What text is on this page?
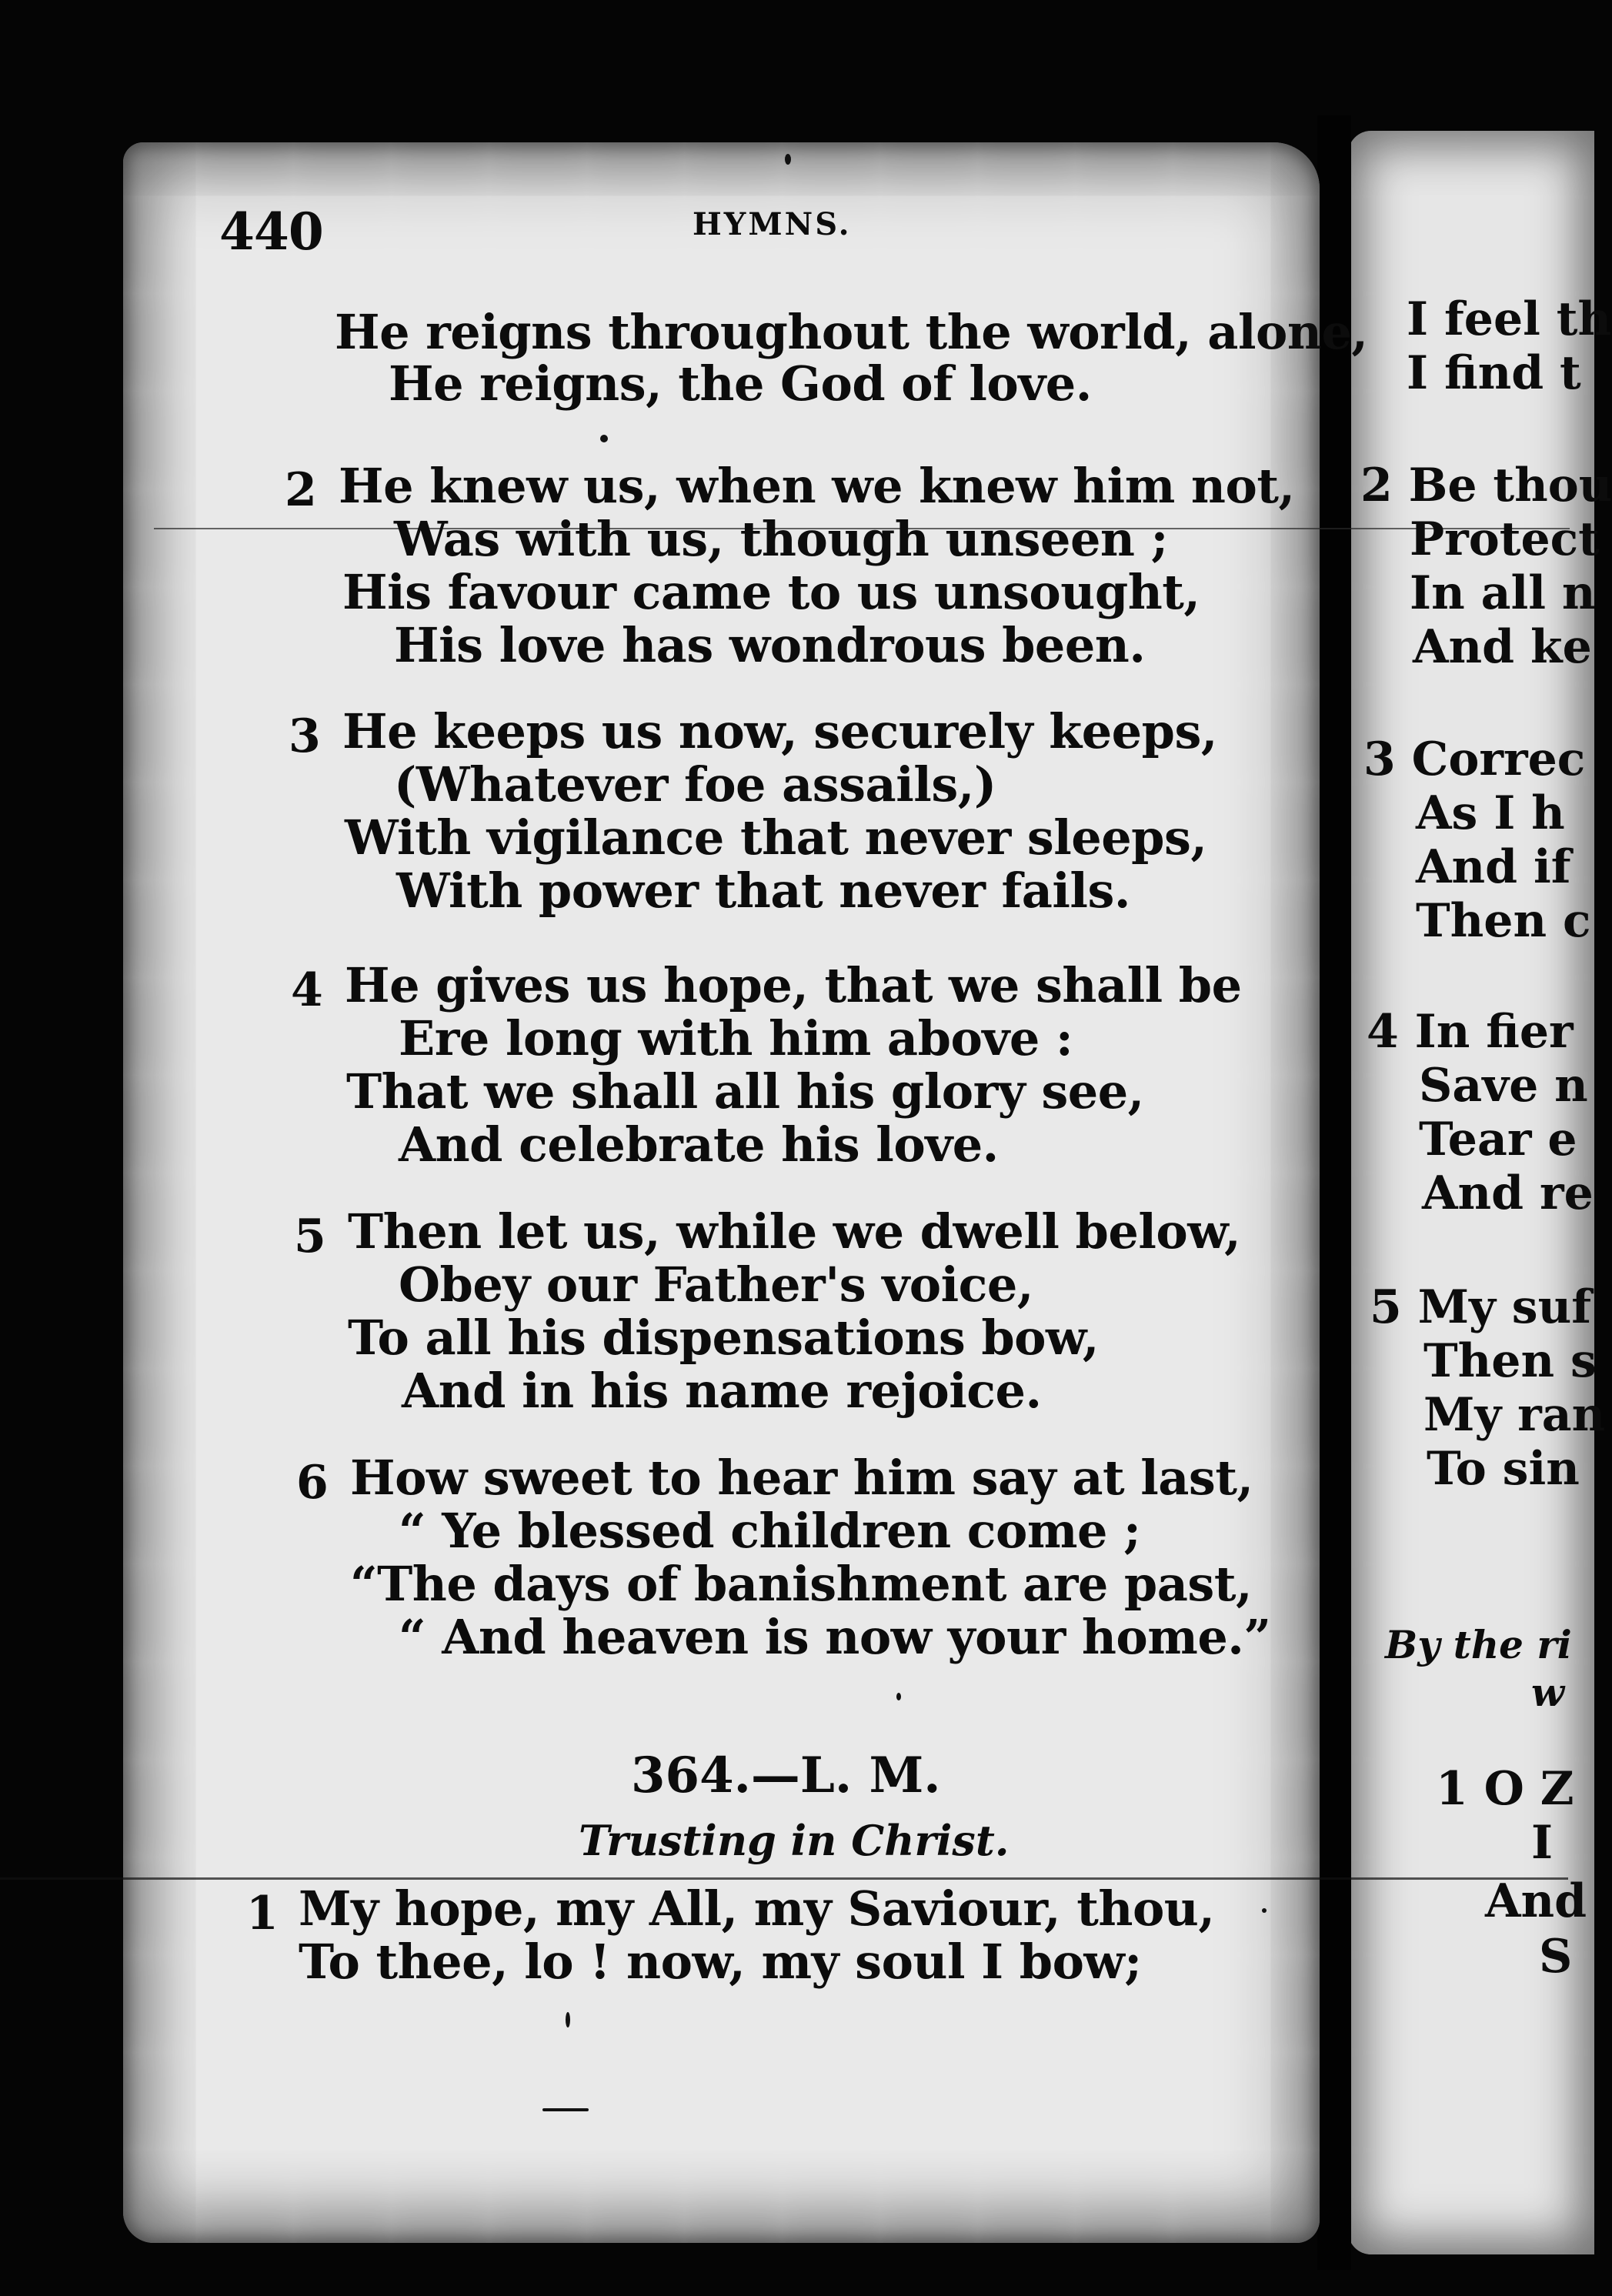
440	HYMNS.
He reigns throughout the world, alone,
He reigns, the God of love.
2 He knew us, when we knew him not,
Was with us, though unseen ;
His favour came to us unsought,
His love has wondrous been.
3 He keeps us now, securely keeps,
(Whatever foe assails,)
With vigilance that never sleeps,
With power that never fails.
4 He gives us hope, that we shall be
Ere long with him above :
That we shall all his glory see,
And celebrate his love.
5 Then let us, while we dwell below,
Obey our Father's voice,
To all his dispensations bow,
And in his name rejoice.
6 How sweet to hear him say at last,
“ Ye blessed children come ;
“The days of banishment are past,
“ And heaven is now your home.”
364.—L. M.
Trusting in Christ.
1 My hope, my All, my Saviour, thou,
To thee, lo ! now, my soul I bow;
I feel th
I find t
2 Be thou
Protect
In all n
And ke
3 Correc
As I h
And if
Then c
4 In fier
Save n
Tear e
And re
5 My suf
Then s
My ran
To sin
By the ri
w
1 O Z
I
And
S
